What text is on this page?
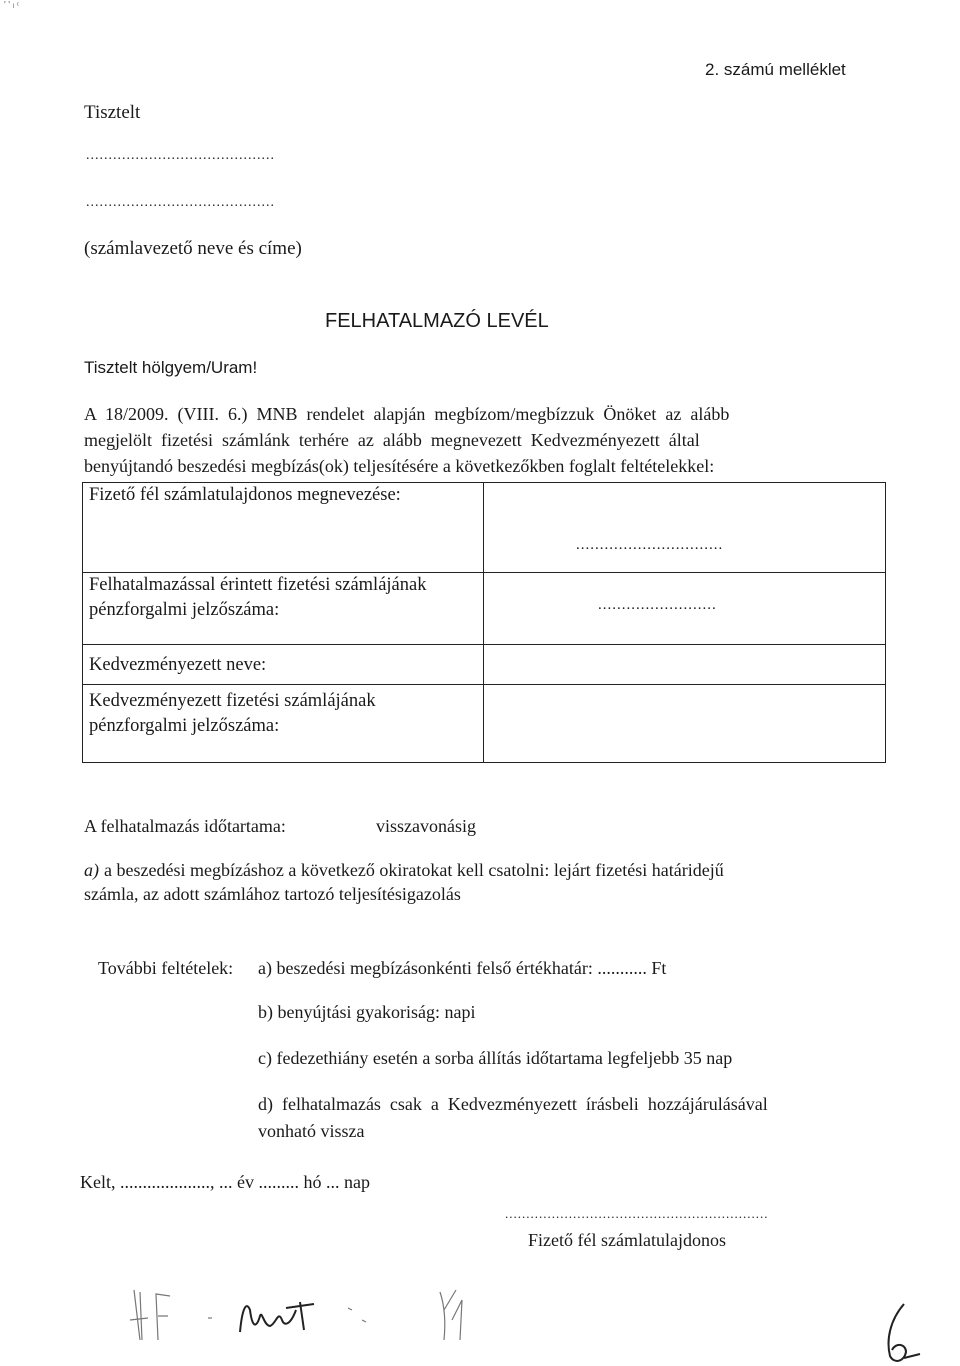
' ' ₗ ᶜ
2. számú melléklet
Tisztelt
..........................................
..........................................
(számlavezető neve és címe)
FELHATALMAZÓ LEVÉL
Tisztelt hölgyem/Uram!
A  18/2009.  (VIII.  6.)  MNB  rendelet  alapján  megbízom/megbízzuk  Önöket  az  alább
megjelölt  fizetési  számlánk  terhére  az  alább  megnevezett  Kedvezményezett  által
benyújtandó beszedési megbízás(ok) teljesítésére a következőkben foglalt feltételekkel:
Fizető fél számlatulajdonos megnevezése:	...............................

Felhatalmazással érintett fizetési számlájának
pénzforgalmi jelzőszáma:	.........................

Kedvezményezett neve:	

Kedvezményezett fizetési számlájának
pénzforgalmi jelzőszáma:	

A felhatalmazás időtartama:	visszavonásig
a) a beszedési megbízáshoz a következő okiratokat kell csatolni: lejárt fizetési határidejű
számla, az adott számlához tartozó teljesítésigazolás
További feltételek: a) beszedési megbízásonkénti felső értékhatár: ........... Ft
b) benyújtási gyakoriság: napi
c) fedezethiány esetén a sorba állítás időtartama legfeljebb 35 nap
d)  felhatalmazás  csak  a  Kedvezményezett  írásbeli  hozzájárulásával
vonható vissza
Kelt, ...................., ... év ......... hó ... nap
..............................................................
Fizető fél számlatulajdonos
